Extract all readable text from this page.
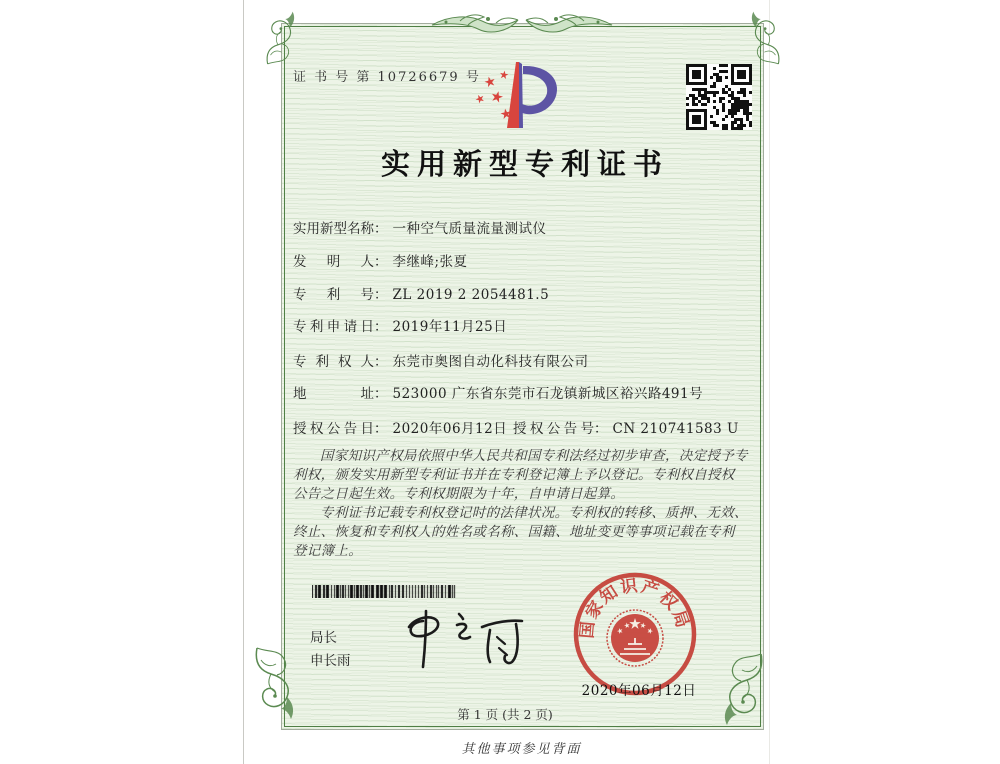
证 书 号 第 10726679 号
实用新型专利证书
实用新型名称： 一种空气质量流量测试仪
发明人： 李继峰;张夏
专利号： ZL 2019 2 2054481.5
专利申请日： 2019年11月25日
专利权人： 东莞市奥图自动化科技有限公司
地址： 523000 广东省东莞市石龙镇新城区裕兴路491号
授权公告日： 2020年06月12日 授权公告号： CN 210741583 U

国家知识产权局依照中华人民共和国专利法经过初步审查，决定授予专利权，颁发实用新型专利证书并在专利登记簿上予以登记。专利权自授权公告之日起生效。专利权期限为十年，自申请日起算。

专利证书记载专利权登记时的法律状况。专利权的转移、质押、无效、终止、恢复和专利权人的姓名或名称、国籍、地址变更等事项记载在专利登记簿上。

局长
申长雨
国
家
知
识 产
权
局
2020年06月12日
第 1 页 (共 2 页)
其他事项参见背面
